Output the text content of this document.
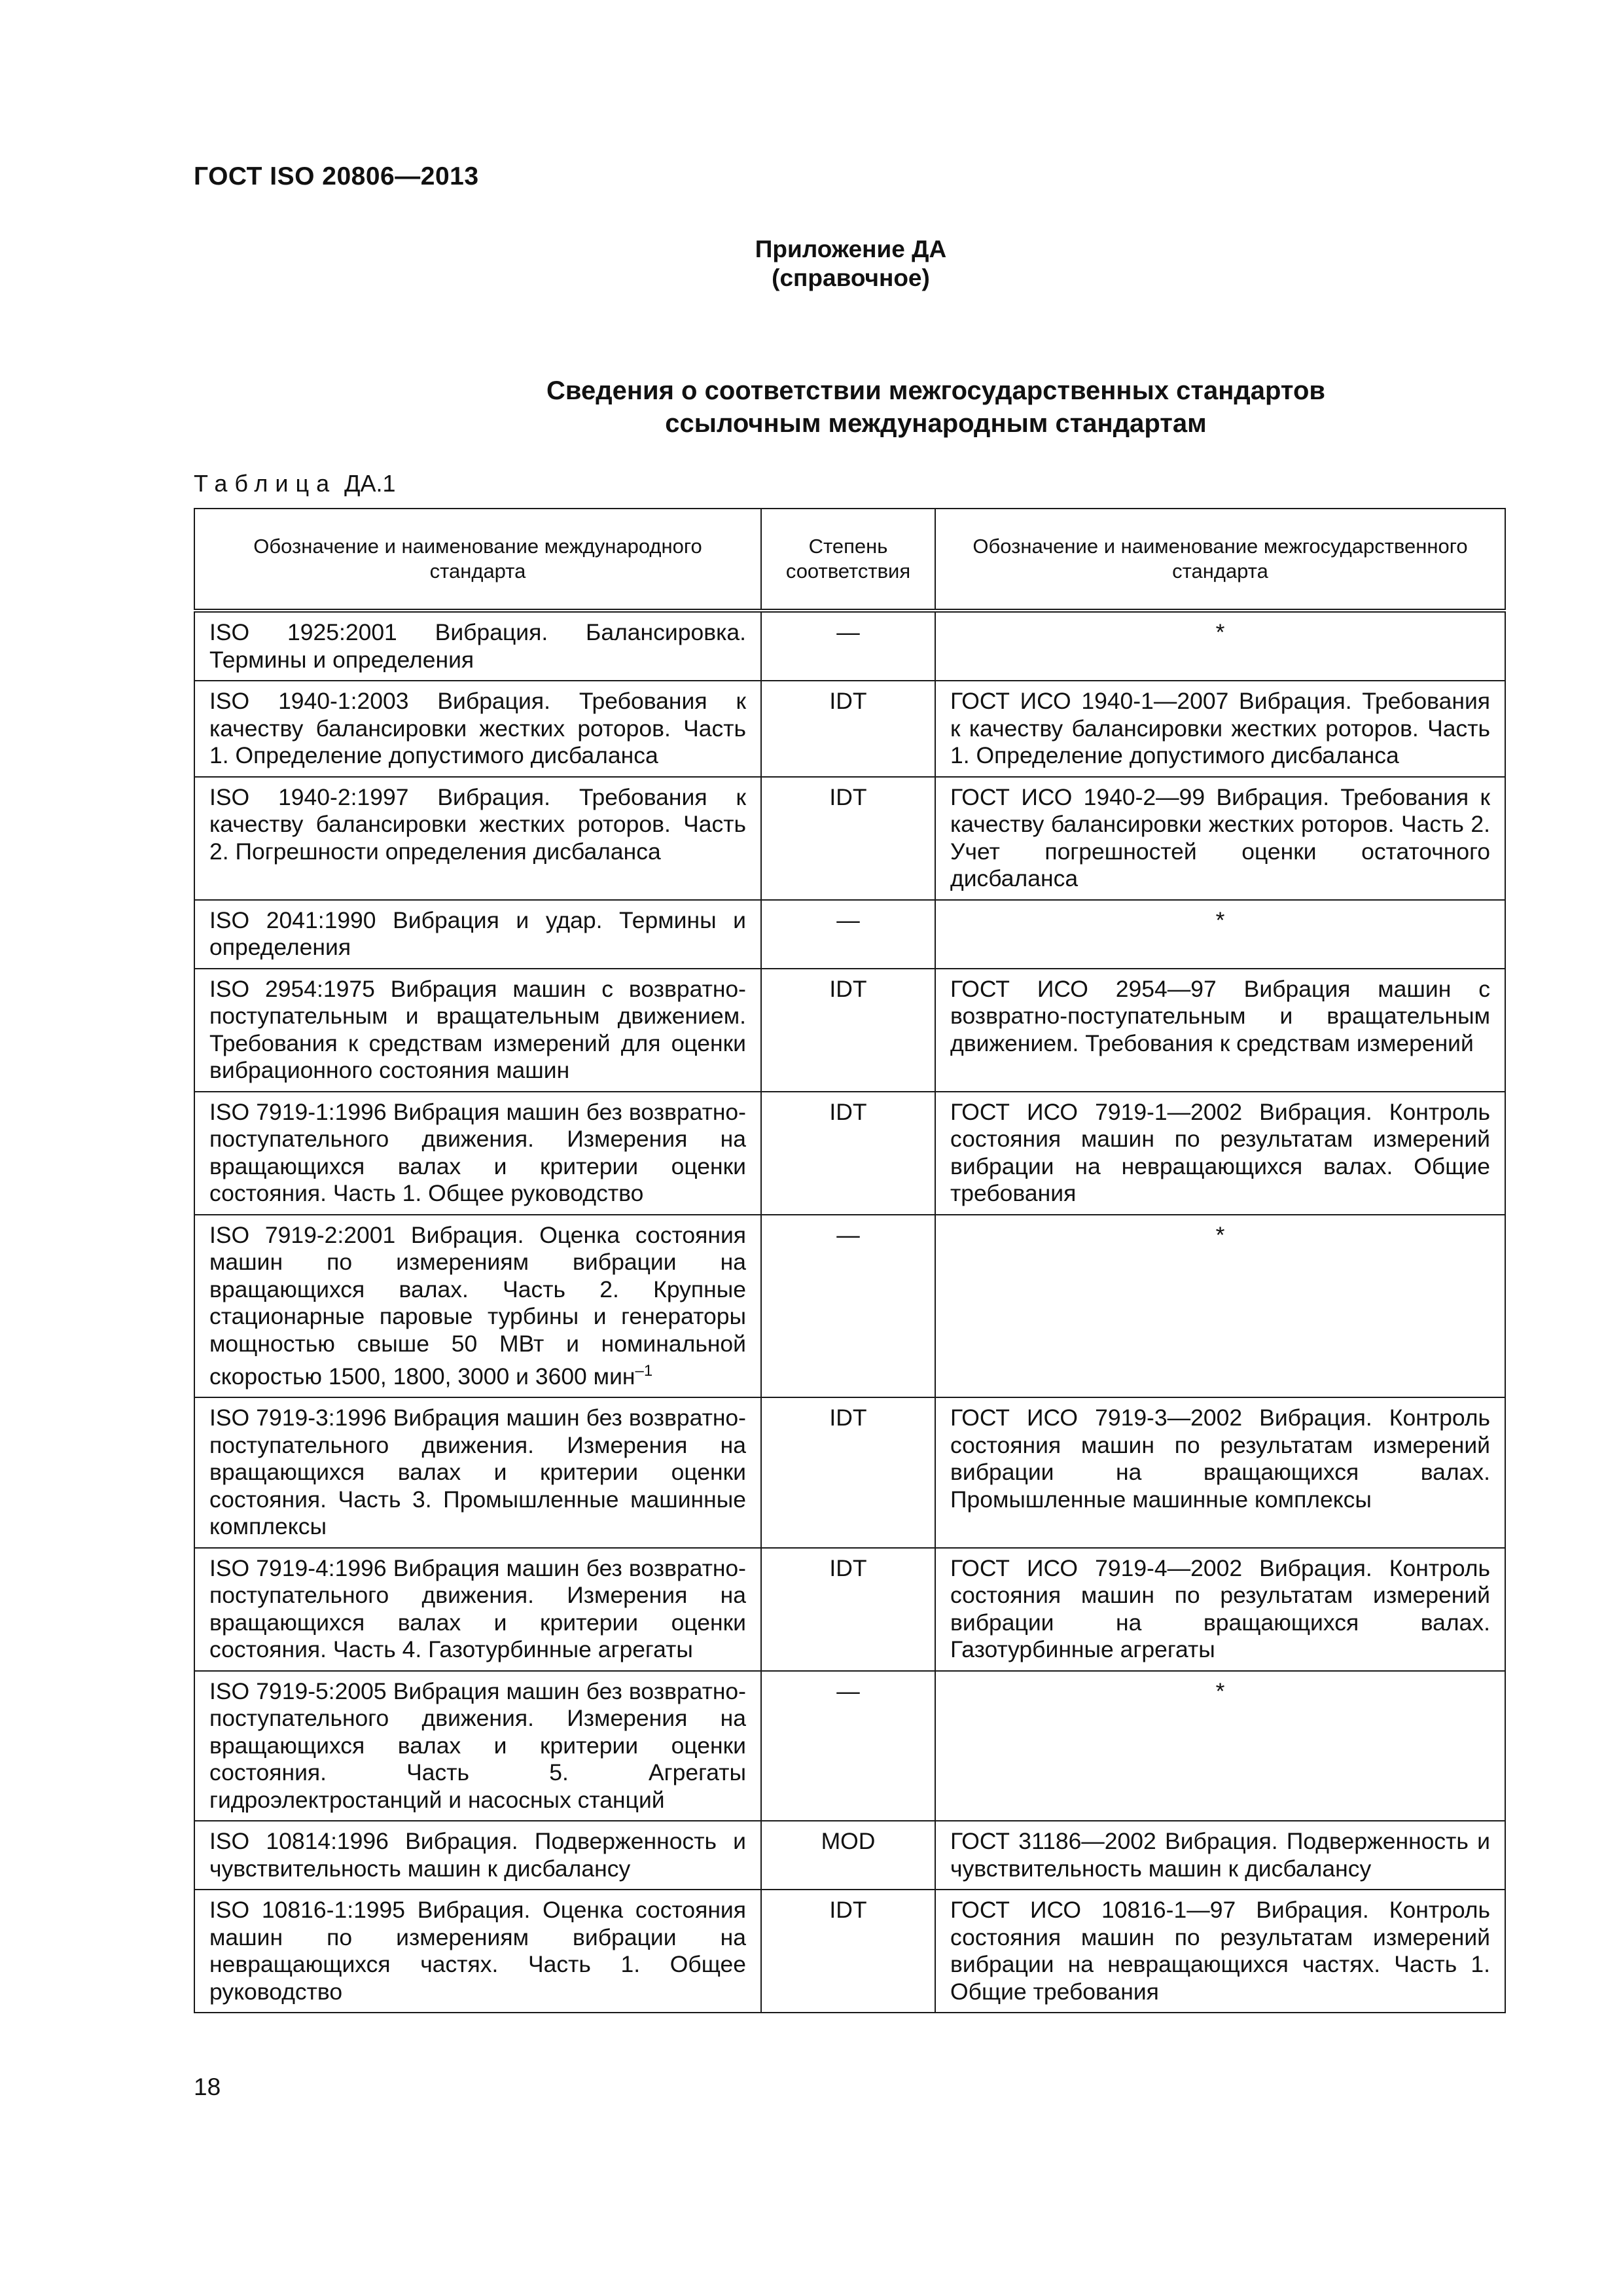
ГОСТ ISO 20806—2013
Приложение ДА
(справочное)
Сведения о соответствии межгосударственных стандартов
ссылочным международным стандартам
Таблица ДА.1
Обозначение и наименование международного стандарта	Степень соответствия	Обозначение и наименование межгосударственного стандарта
ISO 1925:2001 Вибрация. Балансировка. Термины и определения	—	*
ISO 1940-1:2003 Вибрация. Требования к качеству балансировки жестких роторов. Часть 1. Определение допустимого дисбаланса	IDT	ГОСТ ИСО 1940-1—2007 Вибрация. Требования к качеству балансировки жестких роторов. Часть 1. Определение допустимого дисбаланса
ISO 1940-2:1997 Вибрация. Требования к качеству балансировки жестких роторов. Часть 2. Погрешности определения дисбаланса	IDT	ГОСТ ИСО 1940-2—99 Вибрация. Требования к качеству балансировки жестких роторов. Часть 2. Учет погрешностей оценки остаточного дисбаланса
ISO 2041:1990 Вибрация и удар. Термины и определения	—	*
ISO 2954:1975 Вибрация машин с возвратно-поступательным и вращательным движением. Требования к средствам измерений для оценки вибрационного состояния машин	IDT	ГОСТ ИСО 2954—97 Вибрация машин с возвратно-поступательным и вращательным движением. Требования к средствам измерений
ISO 7919-1:1996 Вибрация машин без возвратно-поступательного движения. Измерения на вращающихся валах и критерии оценки состояния. Часть 1. Общее руководство	IDT	ГОСТ ИСО 7919-1—2002 Вибрация. Контроль состояния машин по результатам измерений вибрации на невращающихся валах. Общие требования
ISO 7919-2:2001 Вибрация. Оценка состояния машин по измерениям вибрации на вращающихся валах. Часть 2. Крупные стационарные паровые турбины и генераторы мощностью свыше 50 МВт и номинальной скоростью 1500, 1800, 3000 и 3600 мин$^{-1}$	—	*
ISO 7919-3:1996 Вибрация машин без возвратно-поступательного движения. Измерения на вращающихся валах и критерии оценки состояния. Часть 3. Промышленные машинные комплексы	IDT	ГОСТ ИСО 7919-3—2002 Вибрация. Контроль состояния машин по результатам измерений вибрации на вращающихся валах. Промышленные машинные комплексы
ISO 7919-4:1996 Вибрация машин без возвратно-поступательного движения. Измерения на вращающихся валах и критерии оценки состояния. Часть 4. Газотурбинные агрегаты	IDT	ГОСТ ИСО 7919-4—2002 Вибрация. Контроль состояния машин по результатам измерений вибрации на вращающихся валах. Газотурбинные агрегаты
ISO 7919-5:2005 Вибрация машин без возвратно-поступательного движения. Измерения на вращающихся валах и критерии оценки состояния. Часть 5. Агрегаты гидроэлектростанций и насосных станций	—	*
ISO 10814:1996 Вибрация. Подверженность и чувствительность машин к дисбалансу	MOD	ГОСТ 31186—2002 Вибрация. Подверженность и чувствительность машин к дисбалансу
ISO 10816-1:1995 Вибрация. Оценка состояния машин по измерениям вибрации на невращающихся частях. Часть 1. Общее руководство	IDT	ГОСТ ИСО 10816-1—97 Вибрация. Контроль состояния машин по результатам измерений вибрации на невращающихся частях. Часть 1. Общие требования
18
